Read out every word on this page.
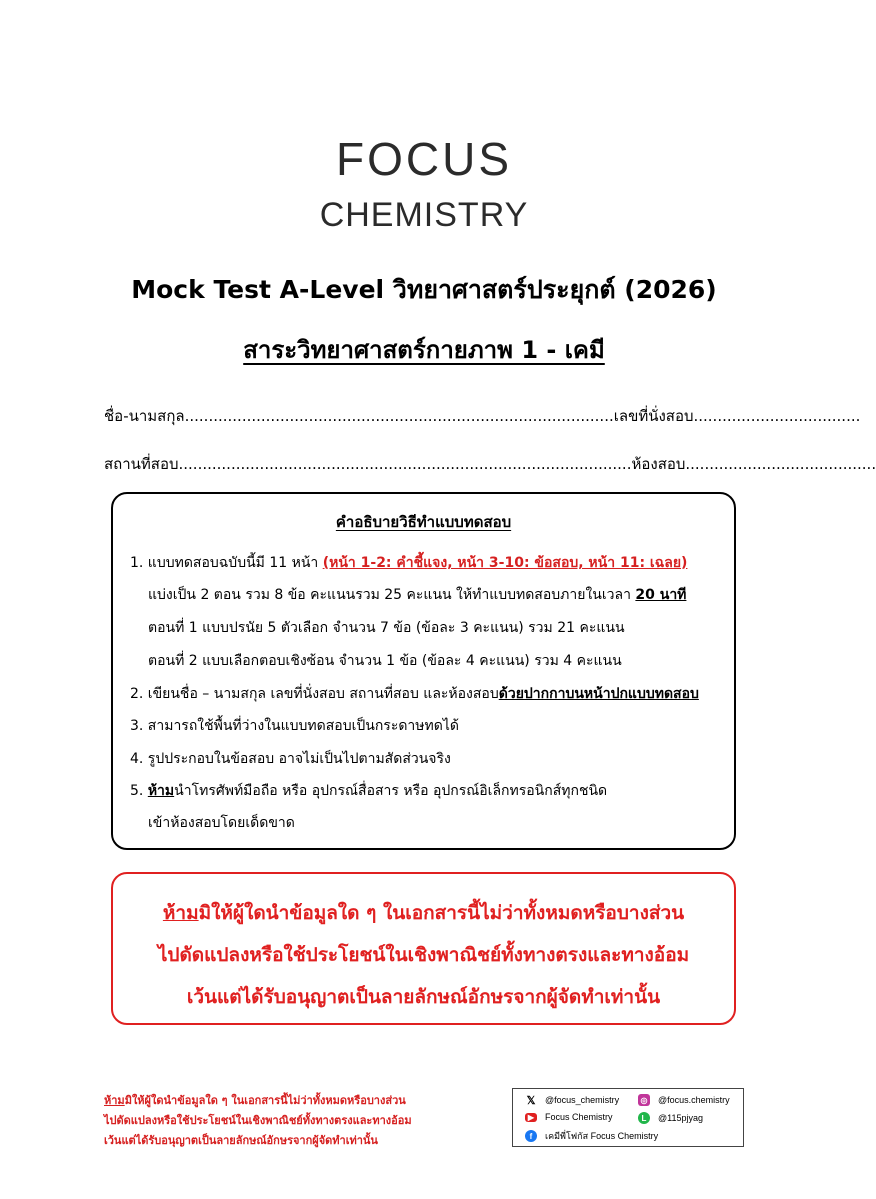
FOCUS
CHEMISTRY
Mock Test A-Level วิทยาศาสตร์ประยุกต์ (2026)
สาระวิทยาศาสตร์กายภาพ 1 - เคมี
ชื่อ-นามสกุล..........................................................................................เลขที่นั่งสอบ...................................
สถานที่สอบ...............................................................................................ห้องสอบ........................................
คำอธิบายวิธีทำแบบทดสอบ
1. แบบทดสอบฉบับนี้มี 11 หน้า (หน้า 1-2: คำชี้แจง, หน้า 3-10: ข้อสอบ, หน้า 11: เฉลย)
แบ่งเป็น 2 ตอน รวม 8 ข้อ คะแนนรวม 25 คะแนน ให้ทำแบบทดสอบภายในเวลา 20 นาที
ตอนที่ 1 แบบปรนัย 5 ตัวเลือก จำนวน 7 ข้อ (ข้อละ 3 คะแนน) รวม 21 คะแนน
ตอนที่ 2 แบบเลือกตอบเชิงซ้อน จำนวน 1 ข้อ (ข้อละ 4 คะแนน) รวม 4 คะแนน
2. เขียนชื่อ – นามสกุล เลขที่นั่งสอบ สถานที่สอบ และห้องสอบด้วยปากกาบนหน้าปกแบบทดสอบ
3. สามารถใช้พื้นที่ว่างในแบบทดสอบเป็นกระดาษทดได้
4. รูปประกอบในข้อสอบ อาจไม่เป็นไปตามสัดส่วนจริง
5. ห้ามนำโทรศัพท์มือถือ หรือ อุปกรณ์สื่อสาร หรือ อุปกรณ์อิเล็กทรอนิกส์ทุกชนิด
เข้าห้องสอบโดยเด็ดขาด
ห้ามมิให้ผู้ใดนำข้อมูลใด ๆ ในเอกสารนี้ไม่ว่าทั้งหมดหรือบางส่วน
ไปดัดแปลงหรือใช้ประโยชน์ในเชิงพาณิชย์ทั้งทางตรงและทางอ้อม
เว้นแต่ได้รับอนุญาตเป็นลายลักษณ์อักษรจากผู้จัดทำเท่านั้น
ห้ามมิให้ผู้ใดนำข้อมูลใด ๆ ในเอกสารนี้ไม่ว่าทั้งหมดหรือบางส่วน
ไปดัดแปลงหรือใช้ประโยชน์ในเชิงพาณิชย์ทั้งทางตรงและทางอ้อม
เว้นแต่ได้รับอนุญาตเป็นลายลักษณ์อักษรจากผู้จัดทำเท่านั้น
𝕏 @focus_chemistry	◎ @focus.chemistry
▶	Focus Chemistry	L	@115pjyag
f	เคมีพี่โฟกัส Focus Chemistry
